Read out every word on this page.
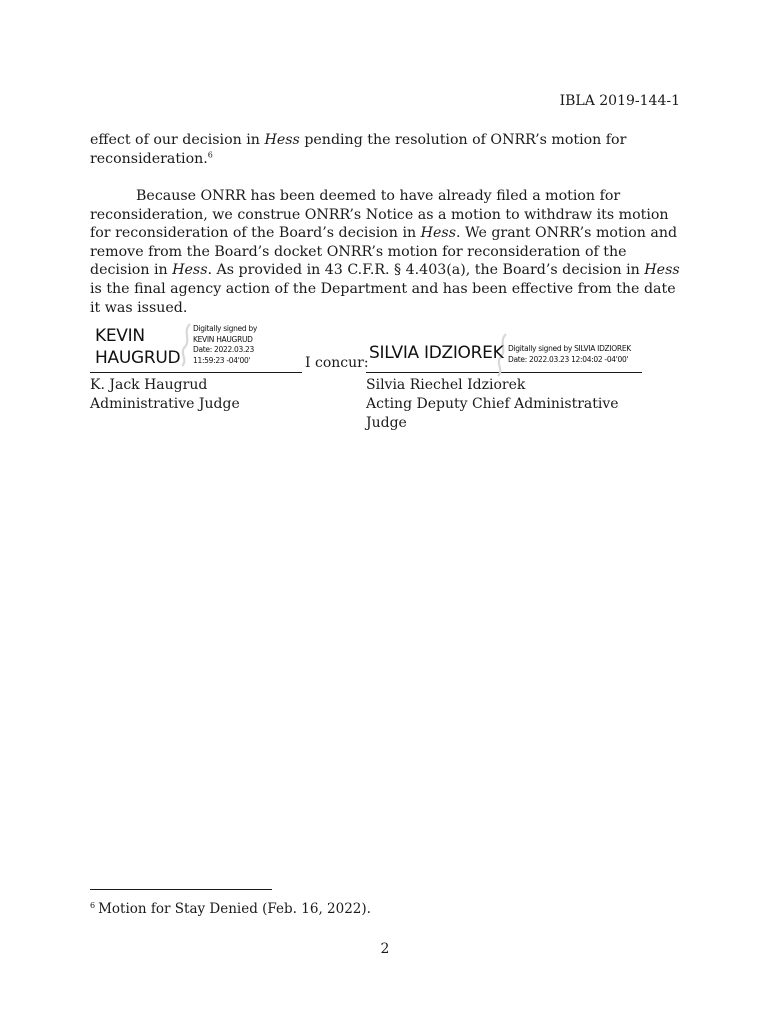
IBLA 2019-144-1

effect of our decision in Hess pending the resolution of ONRR’s motion for reconsideration.$^6$

Because ONRR has been deemed to have already filed a motion for reconsideration, we construe ONRR’s Notice as a motion to withdraw its motion for reconsideration of the Board’s decision in Hess. We grant ONRR’s motion and remove from the Board’s docket ONRR’s motion for reconsideration of the decision in Hess. As provided in 43 C.F.R. § 4.403(a), the Board’s decision in Hess is the final agency action of the Department and has been effective from the date it was issued.

KEVIN
HAUGRUD
Digitally signed by
KEVIN HAUGRUD
Date: 2022.03.23
11:59:23 -04'00'
K. Jack Haugrud
Administrative Judge
I concur: SILVIA IDZIOREK Digitally signed by SILVIA IDZIOREK
Date: 2022.03.23 12:04:02 -04'00'
Silvia Riechel Idziorek
Acting Deputy Chief Administrative Judge
$^6$ Motion for Stay Denied (Feb. 16, 2022).
2
